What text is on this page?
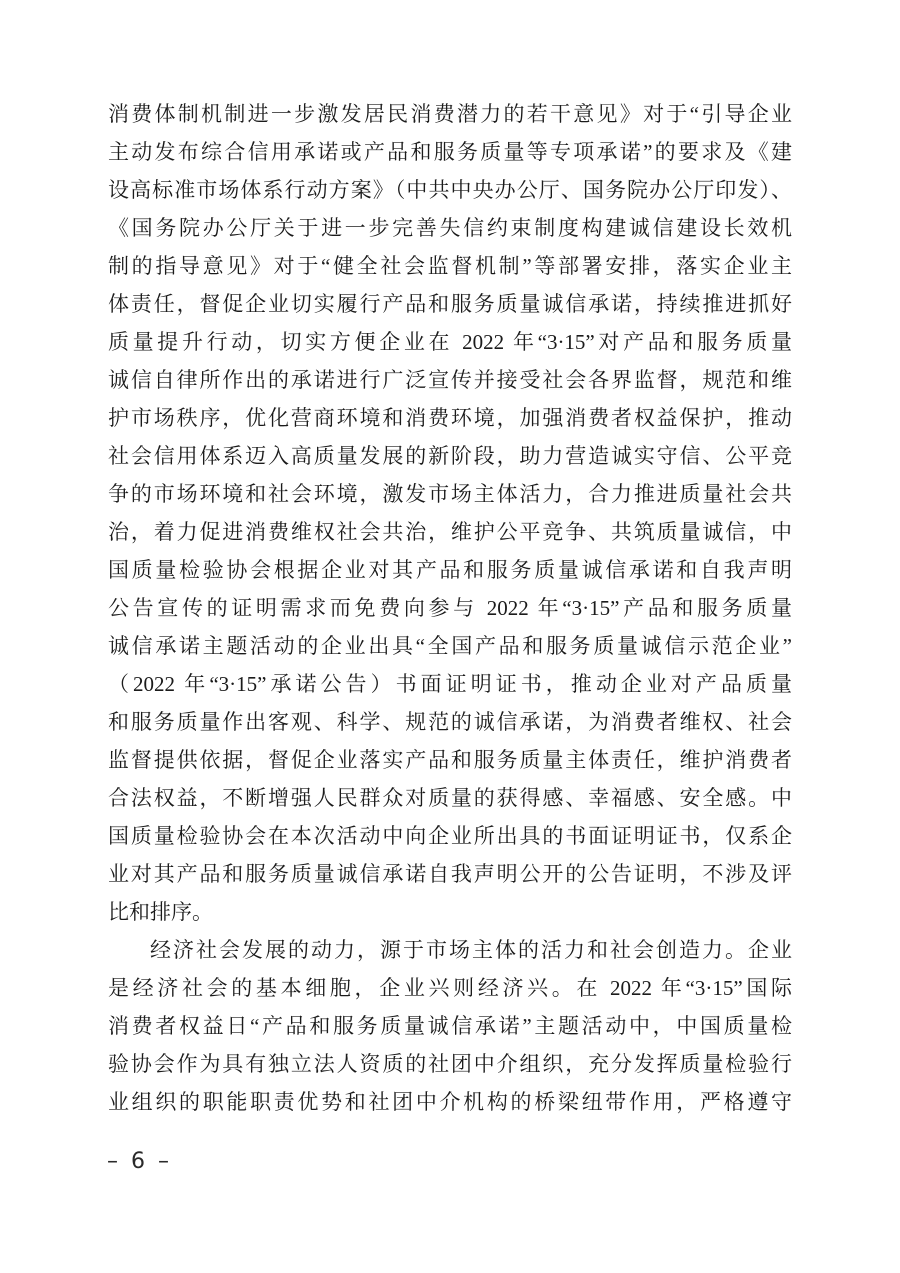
消费体制机制进一步激发居民消费潜力的若干意见》对于“引导企业
主动发布综合信用承诺或产品和服务质量等专项承诺”的要求及《建
设高标准市场体系行动方案》（中共中央办公厅、国务院办公厅印发）、
《国务院办公厅关于进一步完善失信约束制度构建诚信建设长效机
制的指导意见》对于“健全社会监督机制”等部署安排，落实企业主
体责任，督促企业切实履行产品和服务质量诚信承诺，持续推进抓好
质量提升行动，切实方便企业在 2022 年“3·15”对产品和服务质量
诚信自律所作出的承诺进行广泛宣传并接受社会各界监督，规范和维
护市场秩序，优化营商环境和消费环境，加强消费者权益保护，推动
社会信用体系迈入高质量发展的新阶段，助力营造诚实守信、公平竞
争的市场环境和社会环境，激发市场主体活力，合力推进质量社会共
治，着力促进消费维权社会共治，维护公平竞争、共筑质量诚信，中
国质量检验协会根据企业对其产品和服务质量诚信承诺和自我声明
公告宣传的证明需求而免费向参与 2022 年“3·15”产品和服务质量
诚信承诺主题活动的企业出具“全国产品和服务质量诚信示范企业”
（2022 年“3·15”承诺公告）书面证明证书，推动企业对产品质量
和服务质量作出客观、科学、规范的诚信承诺，为消费者维权、社会
监督提供依据，督促企业落实产品和服务质量主体责任，维护消费者
合法权益，不断增强人民群众对质量的获得感、幸福感、安全感。中
国质量检验协会在本次活动中向企业所出具的书面证明证书，仅系企
业对其产品和服务质量诚信承诺自我声明公开的公告证明，不涉及评
比和排序。
经济社会发展的动力，源于市场主体的活力和社会创造力。企业
是经济社会的基本细胞，企业兴则经济兴。在 2022 年“3·15”国际
消费者权益日“产品和服务质量诚信承诺”主题活动中，中国质量检
验协会作为具有独立法人资质的社团中介组织，充分发挥质量检验行
业组织的职能职责优势和社团中介机构的桥梁纽带作用，严格遵守
– 6 –
